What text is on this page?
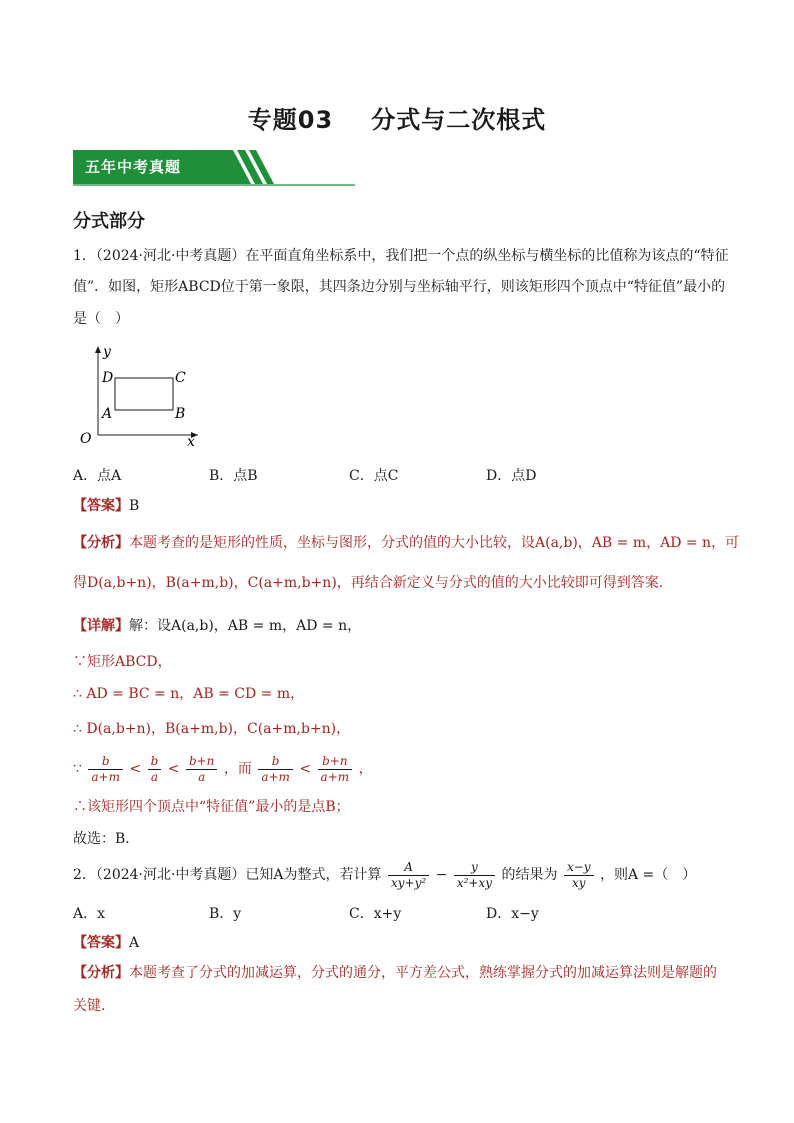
专题03 分式与二次根式
五年中考真题
分式部分
1．（2024·河北·中考真题）在平面直角坐标系中，我们把一个点的纵坐标与横坐标的比值称为该点的“特征
值”．如图，矩形ABCD位于第一象限，其四条边分别与坐标轴平行，则该矩形四个顶点中“特征值”最小的
是（　）
y
x
O
A	B
C
D
A．点A	B．点B	C．点C	D．点D
【答案】B
【分析】本题考查的是矩形的性质，坐标与图形，分式的值的大小比较，设A(a,b)，AB = m，AD = n，可
得D(a,b+n)，B(a+m,b)，C(a+m,b+n)，再结合新定义与分式的值的大小比较即可得到答案．
【详解】解：设A(a,b)，AB = m，AD = n，
∵矩形ABCD，
∴ AD = BC = n，AB = CD = m，
∴ D(a,b+n)，B(a+m,b)，C(a+m,b+n)，
∵ $\frac{b}{a+m} < \frac{b}{a} < \frac{b+n}{a}$ ，而 $\frac{b}{a+m} < \frac{b+n}{a+m}$ ，
∴该矩形四个顶点中“特征值”最小的是点B；
故选：B．
2．（2024·河北·中考真题）已知A为整式，若计算 $\frac{A}{\text{xy+y²}} - \frac{y}{\text{x²+xy}}$ 的结果为 $\frac{x-y}{xy}$ ，则A =（　）
A．x	B．y	C．x+y	D．x−y
【答案】A
【分析】本题考查了分式的加减运算，分式的通分，平方差公式，熟练掌握分式的加减运算法则是解题的
关键．
